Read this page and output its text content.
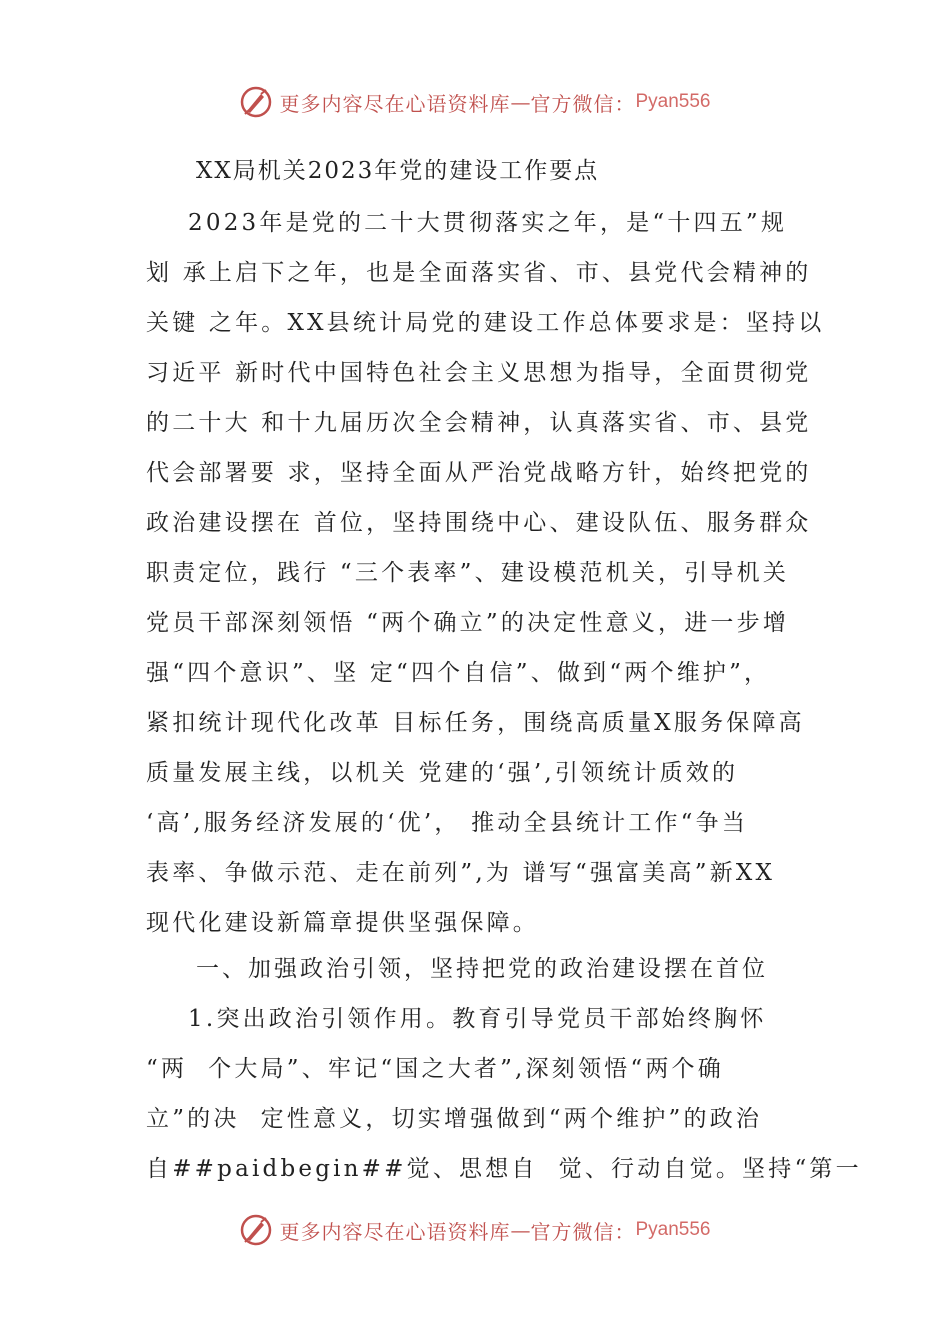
更多内容尽在心语资料库 — 官方微信： Pyan556
XX局机关2023年党的建设工作要点
2023年是党的二十大贯彻落实之年，是“十四五”规
划 承上启下之年，也是全面落实省、市、县党代会精神的
关键 之年。XX县统计局党的建设工作总体要求是：坚持以
习近平 新时代中国特色社会主义思想为指导，全面贯彻党
的二十大 和十九届历次全会精神，认真落实省、市、县党
代会部署要 求，坚持全面从严治党战略方针，始终把党的
政治建设摆在 首位，坚持围绕中心、建设队伍、服务群众
职责定位，践行 “三个表率”、建设模范机关，引导机关
党员干部深刻领悟 “两个确立”的决定性意义，进一步增
强“四个意识”、坚 定“四个自信”、做到“两个维护”，
紧扣统计现代化改革 目标任务，围绕高质量X服务保障高
质量发展主线，以机关 党建的‘强’,引领统计质效的
‘高’,服务经济发展的‘优’， 推动全县统计工作“争当
表率、争做示范、走在前列”,为 谱写“强富美高”新XX
现代化建设新篇章提供坚强保障。
一、加强政治引领，坚持把党的政治建设摆在首位
1.突出政治引领作用。教育引导党员干部始终胸怀
“两  个大局”、牢记“国之大者”,深刻领悟“两个确
立”的决  定性意义，切实增强做到“两个维护”的政治
自##paidbegin##觉、思想自  觉、行动自觉。坚持“第一
更多内容尽在心语资料库 — 官方微信： Pyan556
